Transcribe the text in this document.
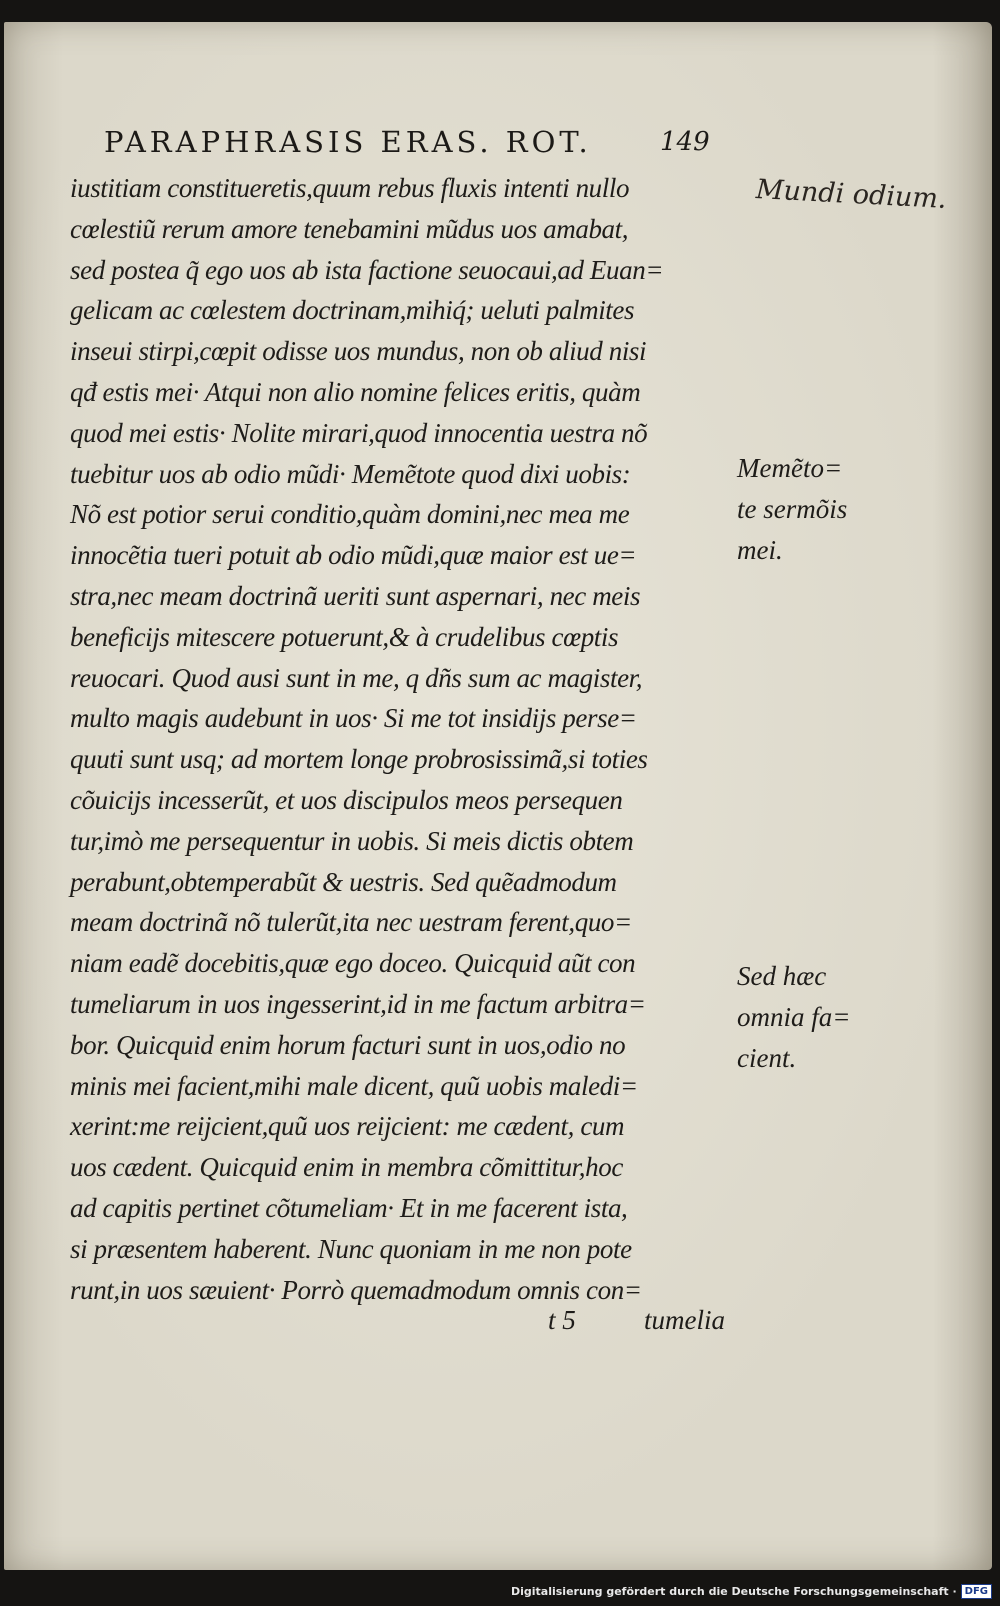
PARAPHRASIS ERAS. ROT.	149
Mundi odium.
iustitiam constitueretis,quum rebus fluxis intenti nullo
cœlestiũ rerum amore tenebamini mũdus uos amabat,
sed postea q̃ ego uos ab ista factione seuocaui,ad Euan=
gelicam ac cœlestem doctrinam,mihiq́; ueluti palmites
inseui stirpi,cœpit odisse uos mundus, non ob aliud nisi
qđ estis mei· Atqui non alio nomine felices eritis, quàm
quod mei estis· Nolite mirari,quod innocentia uestra nõ
tuebitur uos ab odio mũdi· Memẽtote quod dixi uobis:
Nõ est potior serui conditio,quàm domini,nec mea me
innocẽtia tueri potuit ab odio mũdi,quæ maior est ue=
stra,nec meam doctrinã ueriti sunt aspernari, nec meis
beneficijs mitescere potuerunt,& à crudelibus cœptis
reuocari. Quod ausi sunt in me, q dñs sum ac magister,
multo magis audebunt in uos· Si me tot insidijs perse=
quuti sunt usq; ad mortem longe probrosissimã,si toties
cõuicijs incesserũt, et uos discipulos meos persequen
tur,imò me persequentur in uobis. Si meis dictis obtem
perabunt,obtemperabũt & uestris. Sed quẽadmodum
meam doctrinã nõ tulerũt,ita nec uestram ferent,quo=
niam eadẽ docebitis,quæ ego doceo. Quicquid aũt con
tumeliarum in uos ingesserint,id in me factum arbitra=
bor. Quicquid enim horum facturi sunt in uos,odio no
minis mei facient,mihi male dicent, quũ uobis maledi=
xerint:me reijcient,quũ uos reijcient: me cædent, cum
uos cædent. Quicquid enim in membra cõmittitur,hoc
ad capitis pertinet cõtumeliam· Et in me facerent ista,
si præsentem haberent. Nunc quoniam in me non pote
runt,in uos sæuient· Porrò quemadmodum omnis con=
Memẽto=
te sermõis
mei.
Sed hæc
omnia fa=
cient.
t 5	tumelia
Digitalisierung gefördert durch die Deutsche Forschungsgemeinschaft · DFG
